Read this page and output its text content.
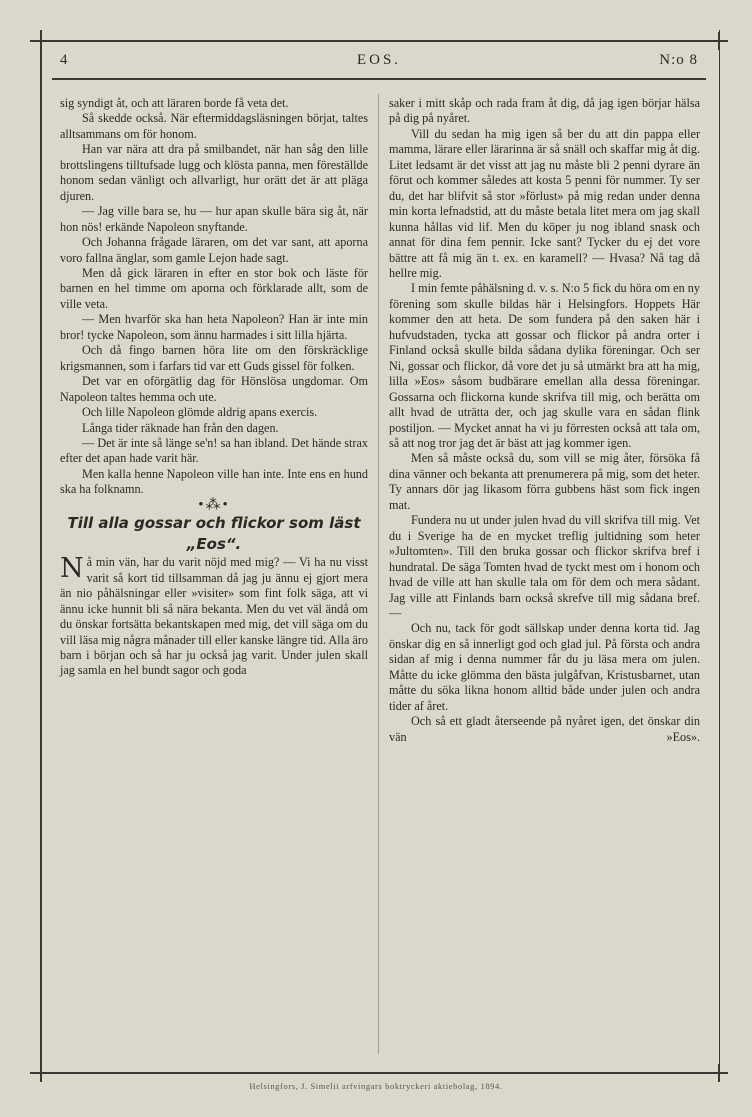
4	EOS.	N:o 8

sig syndigt åt, och att läraren borde få veta det.

Så skedde också. När eftermiddagsläsningen börjat, taltes alltsammans om för honom.

Han var nära att dra på smilbandet, när han såg den lille brottslingens tilltufsade lugg och klösta panna, men föreställde honom sedan vänligt och allvarligt, hur orätt det är att pläga djuren.

— Jag ville bara se, hu — hur apan skulle bära sig åt, när hon nös! erkände Napoleon snyftande.

Och Johanna frågade läraren, om det var sant, att aporna voro fallna änglar, som gamle Lejon hade sagt.

Men då gick läraren in efter en stor bok och läste för barnen en hel timme om aporna och förklarade allt, som de ville veta.

— Men hvarför ska han heta Napoleon? Han är inte min bror! tycke Napoleon, som ännu harmades i sitt lilla hjärta.

Och då fingo barnen höra lite om den förskräcklige krigsmannen, som i farfars tid var ett Guds gissel för folken.

Det var en oförgätlig dag för Hönslösa ungdomar. Om Napoleon taltes hemma och ute.

Och lille Napoleon glömde aldrig apans exercis.

Långa tider räknade han från den dagen.

— Det är inte så länge se'n! sa han ibland. Det hände strax efter det apan hade varit här.

Men kalla henne Napoleon ville han inte. Inte ens en hund ska ha folknamn.

•⁂•

Till alla gossar och flickor som läst „Eos“.

Nå min vän, har du varit nöjd med mig? — Vi ha nu visst varit så kort tid tillsamman då jag ju ännu ej gjort mera än nio påhälsningar eller »visiter» som fint folk säga, att vi ännu icke hunnit bli så nära bekanta. Men du vet väl ändå om du önskar fortsätta bekantskapen med mig, det vill säga om du vill läsa mig några månader till eller kanske längre tid. Alla äro barn i början och så har ju också jag varit. Under julen skall jag samla en hel bundt sagor och goda

saker i mitt skåp och rada fram åt dig, då jag igen börjar hälsa på dig på nyåret.

Vill du sedan ha mig igen så ber du att din pappa eller mamma, lärare eller lärarinna är så snäll och skaffar mig åt dig. Litet ledsamt är det visst att jag nu måste bli 2 penni dyrare än förut och kommer således att kosta 5 penni för nummer. Ty ser du, det har blifvit så stor »förlust» på mig redan under denna min korta lefnadstid, att du måste betala litet mera om jag skall kunna hållas vid lif. Men du köper ju nog ibland snask och annat för dina fem pennir. Icke sant? Tycker du ej det vore bättre att få mig än t. ex. en karamell? — Hvasa? Nå tag då hellre mig.

I min femte påhälsning d. v. s. N:o 5 fick du höra om en ny förening som skulle bildas här i Helsingfors. Hoppets Här kommer den att heta. De som fundera på den saken här i hufvudstaden, tycka att gossar och flickor på andra orter i Finland också skulle bilda sådana dylika föreningar. Och ser Ni, gossar och flickor, då vore det ju så utmärkt bra att ha mig, lilla »Eos» såsom budbärare emellan alla dessa föreningar. Gossarna och flickorna kunde skrifva till mig, och berätta om allt hvad de uträtta der, och jag skulle vara en sådan flink postiljon. — Mycket annat ha vi ju förresten också att tala om, så att nog tror jag det är bäst att jag kommer igen.

Men så måste också du, som vill se mig åter, försöka få dina vänner och bekanta att prenumerera på mig, som det heter. Ty annars dör jag likasom förra gubbens häst som fick ingen mat.

Fundera nu ut under julen hvad du vill skrifva till mig. Vet du i Sverige ha de en mycket treflig jultidning som heter »Jultomten». Till den bruka gossar och flickor skrifva bref i hundratal. De säga Tomten hvad de tyckt mest om i honom och hvad de ville att han skulle tala om för dem och mera sådant. Jag ville att Finlands barn också skrefve till mig sådana bref. —

Och nu, tack för godt sällskap under denna korta tid. Jag önskar dig en så innerligt god och glad jul. På första och andra sidan af mig i denna nummer får du ju läsa mera om julen. Måtte du icke glömma den bästa julgåfvan, Kristusbarnet, utan måtte du söka likna honom alltid både under julen och andra tider af året.

Och så ett gladt återseende på nyåret igen, det önskar din vän	»Eos».

Helsingfors, J. Simelii arfvingars boktryckeri aktiebolag, 1894.
